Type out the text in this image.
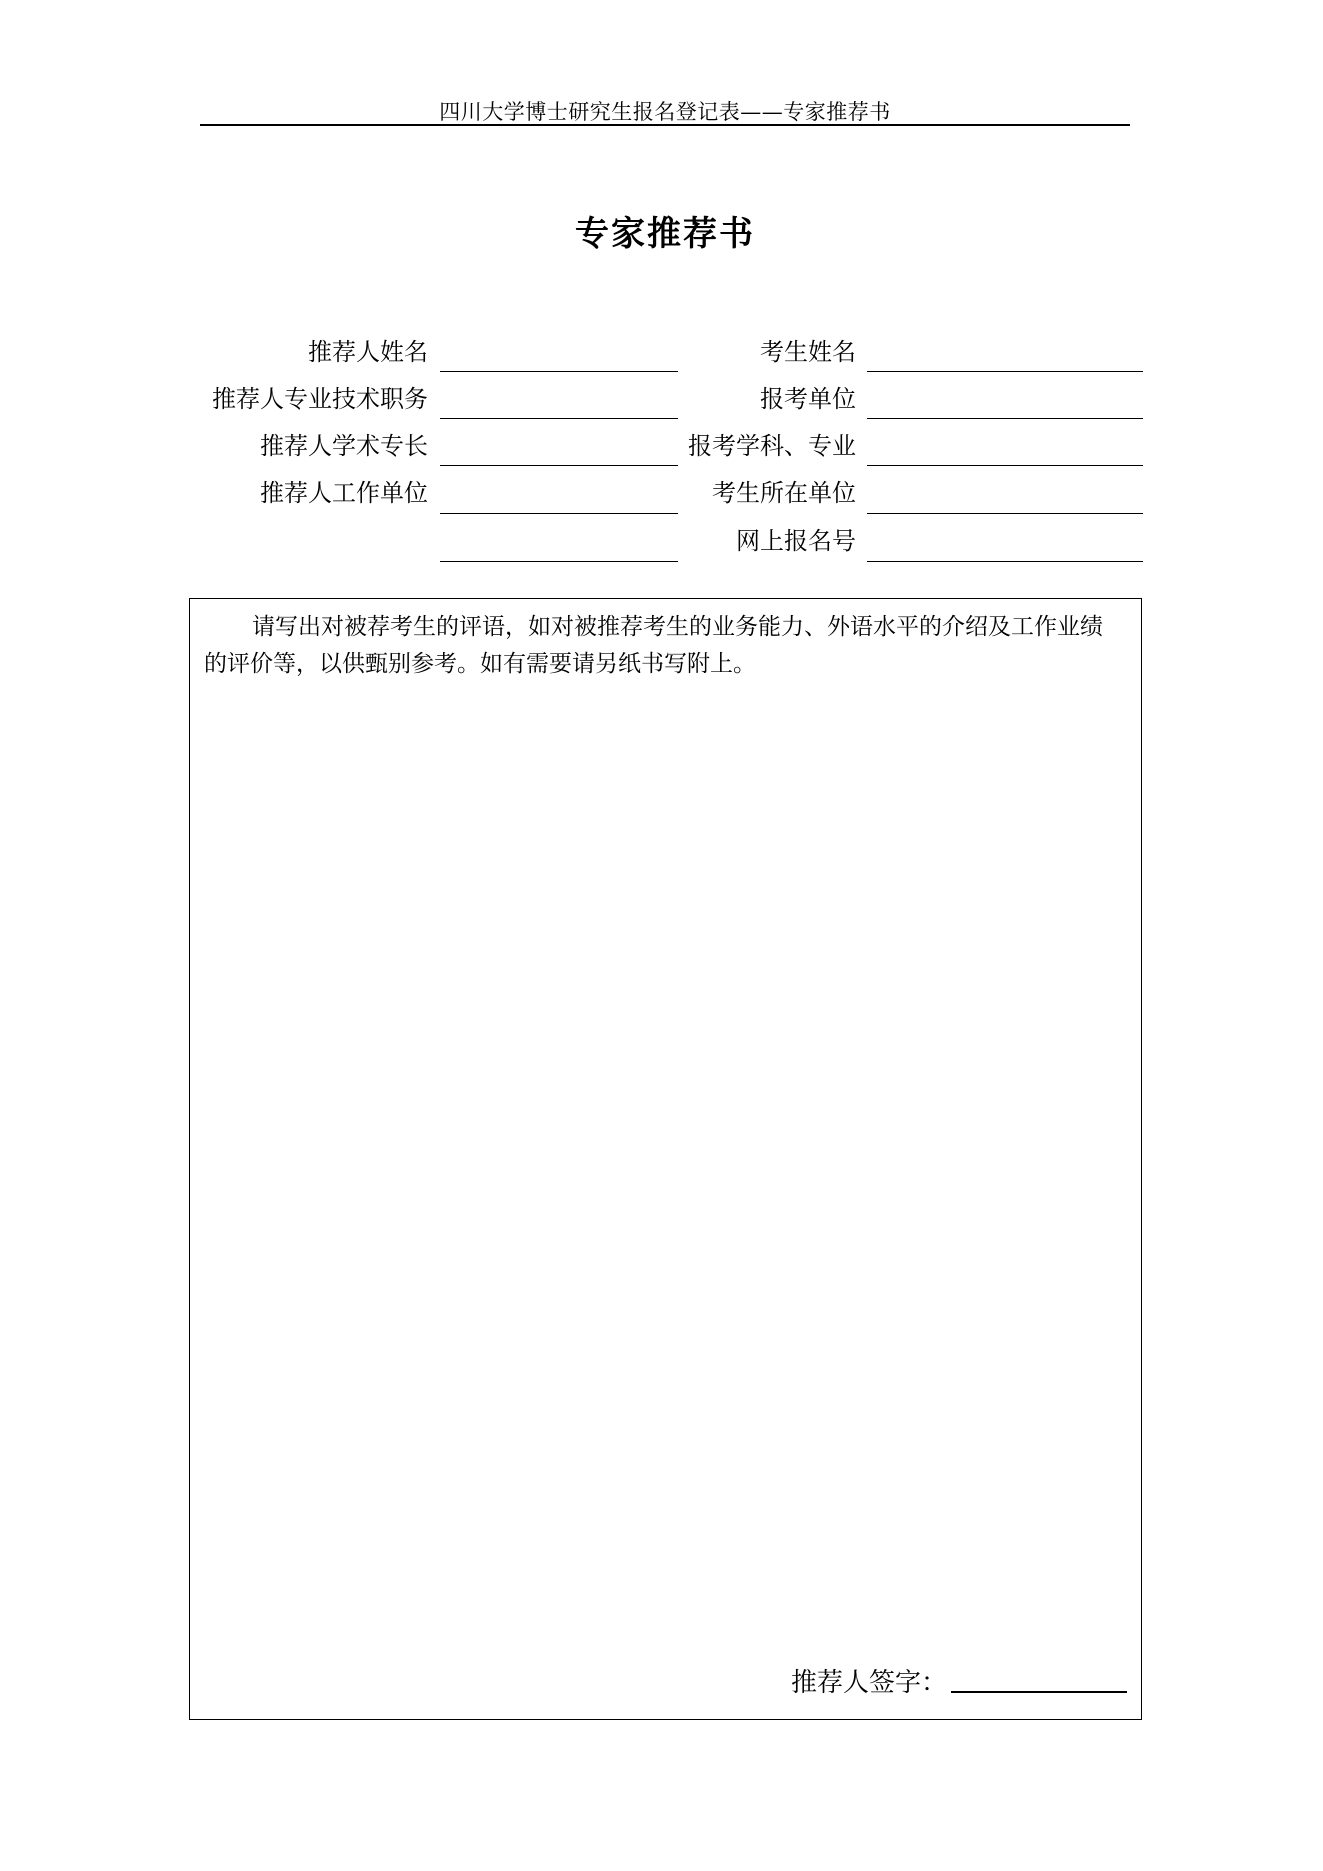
四川大学博士研究生报名登记表——专家推荐书
专家推荐书
推荐人姓名
推荐人专业技术职务
推荐人学术专长
推荐人工作单位
考生姓名
报考单位
报考学科、专业
考生所在单位
网上报名号
请写出对被荐考生的评语，如对被推荐考生的业务能力、外语水平的介绍及工作业绩的评价等，以供甄别参考。如有需要请另纸书写附上。
推荐人签字：
